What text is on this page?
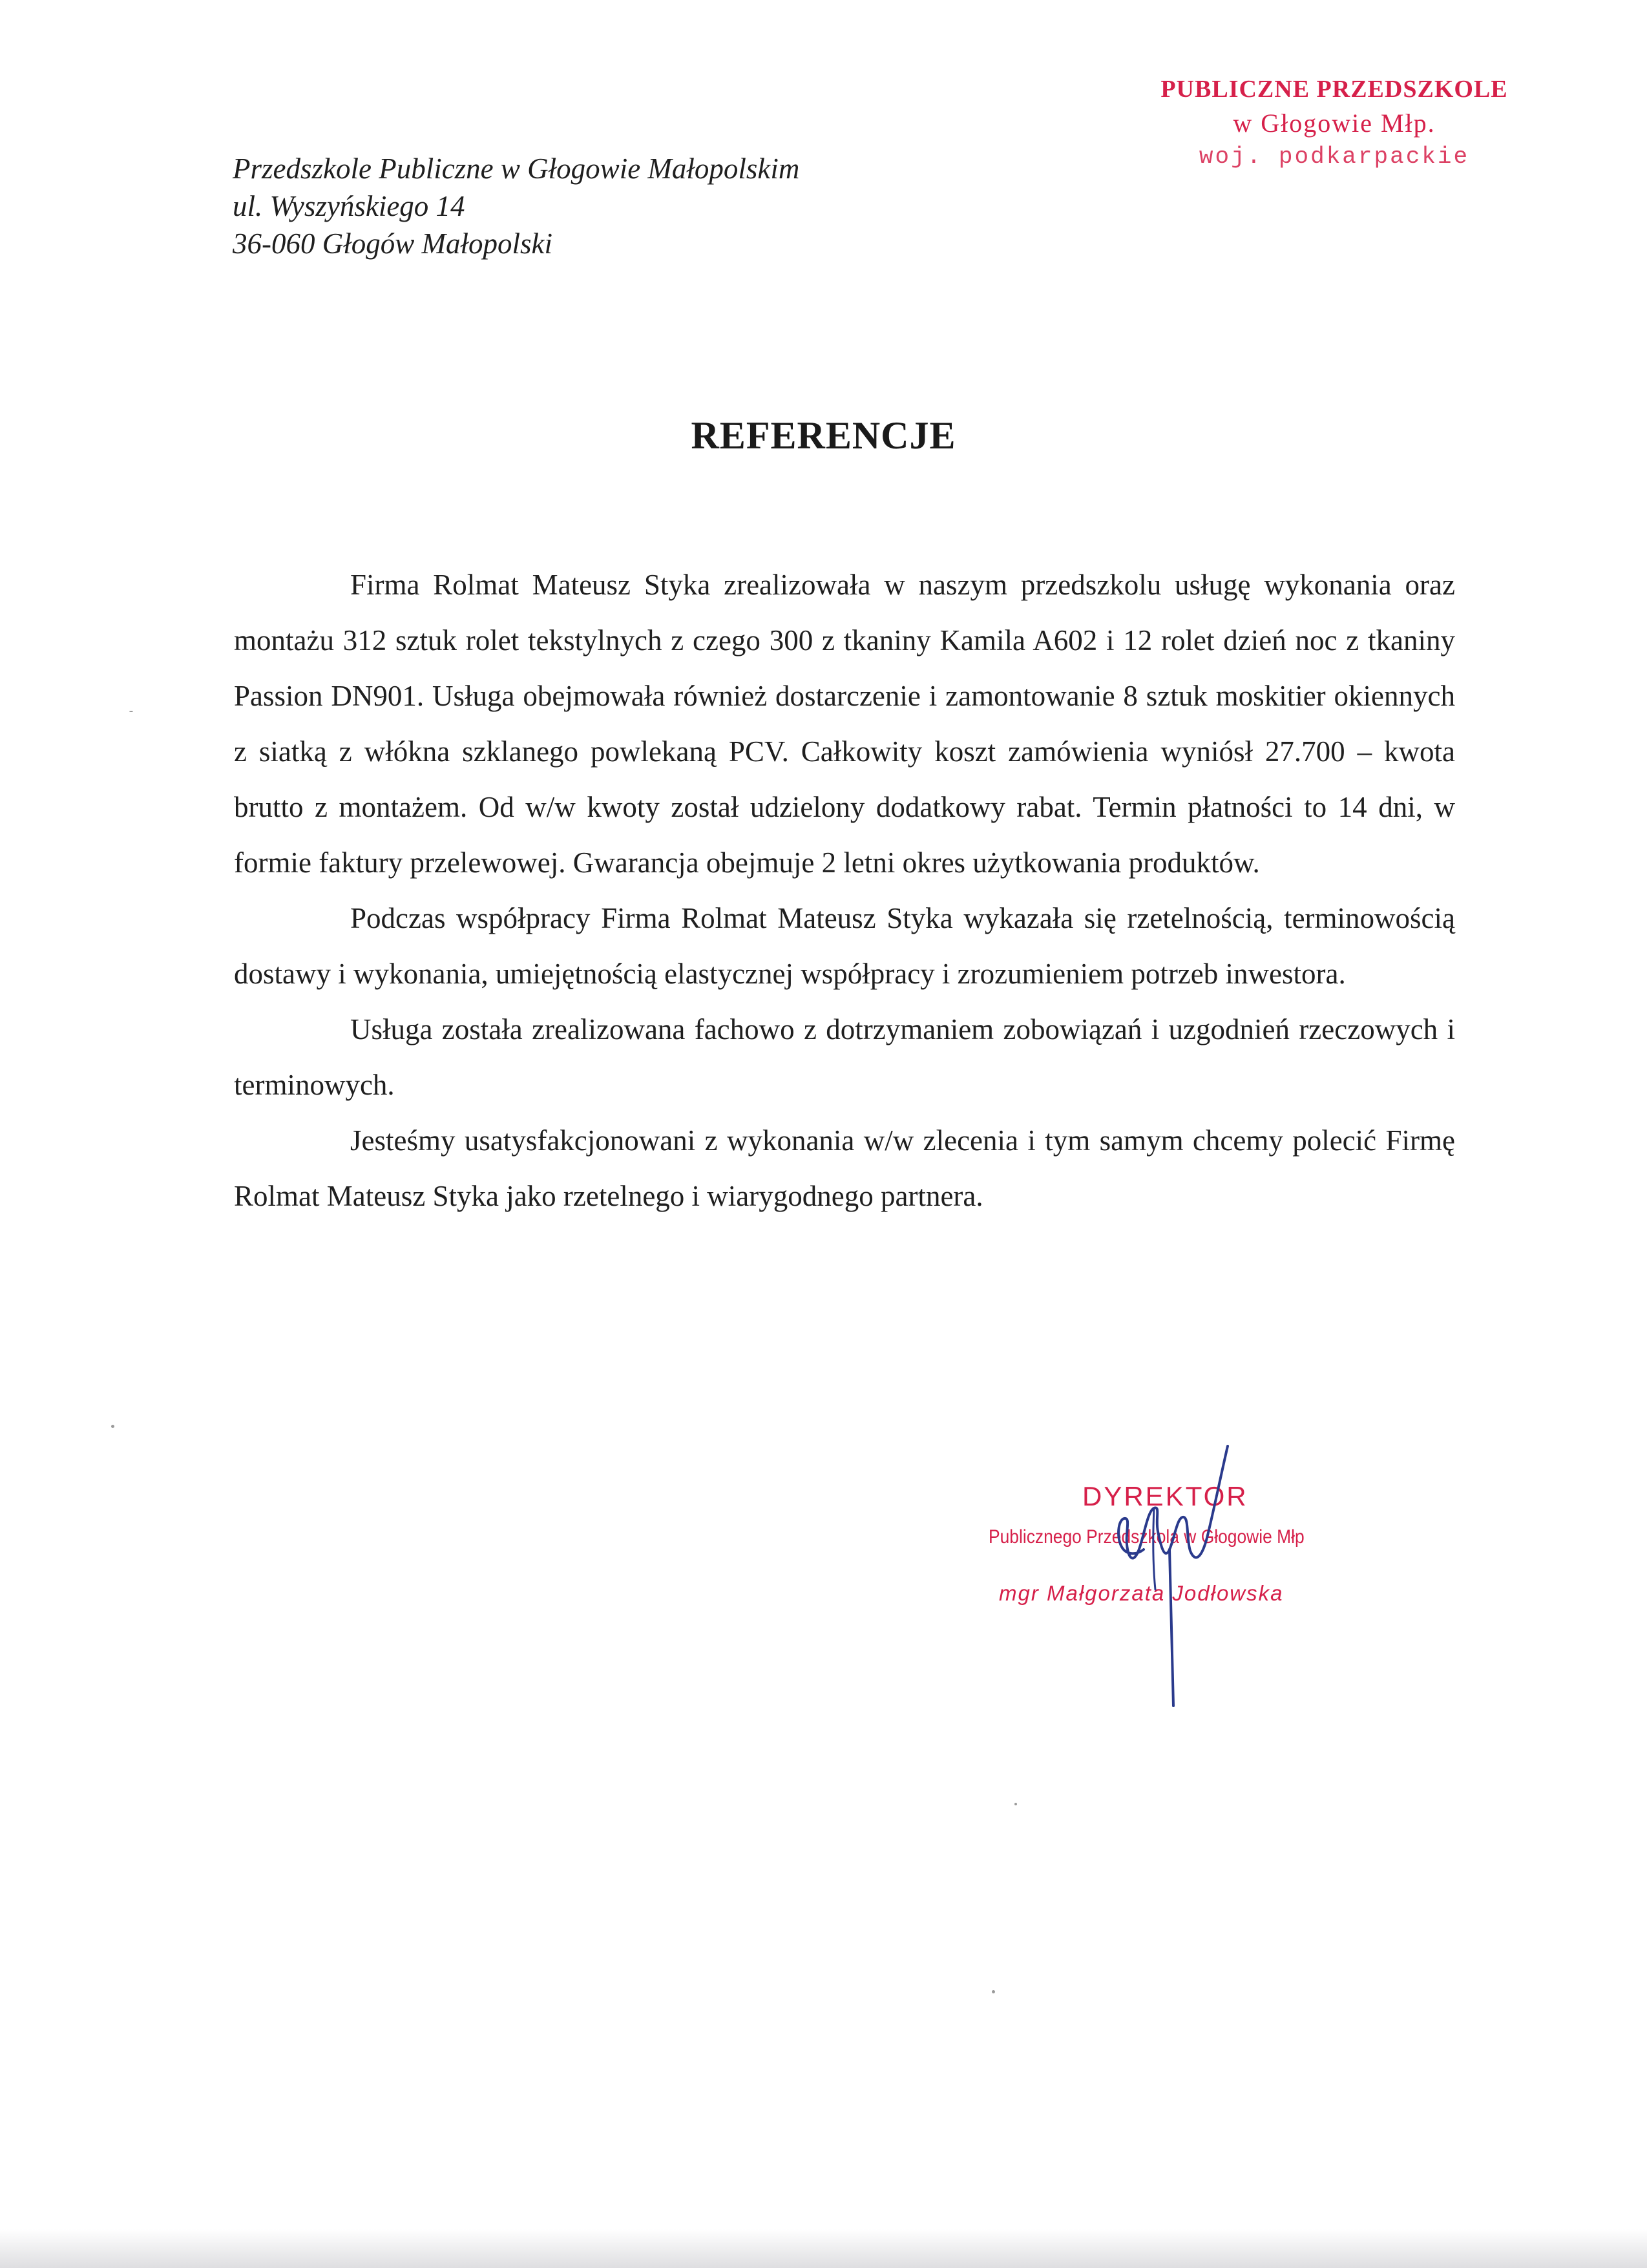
PUBLICZNE PRZEDSZKOLE
w Głogowie Młp.
woj. podkarpackie
Przedszkole Publiczne w Głogowie Małopolskim
ul. Wyszyńskiego 14
36-060 Głogów Małopolski
REFERENCJE

Firma Rolmat Mateusz Styka zrealizowała w naszym przedszkolu usługę wykonania oraz montażu 312 sztuk rolet tekstylnych z czego 300 z tkaniny Kamila A602 i 12 rolet dzień noc z tkaniny Passion DN901. Usługa obejmowała również dostarczenie i zamontowanie 8 sztuk moskitier okiennych z siatką z włókna szklanego powlekaną PCV. Całkowity koszt zamówienia wyniósł 27.700 – kwota brutto z montażem. Od w/w kwoty został udzielony dodatkowy rabat. Termin płatności to 14 dni, w formie faktury przelewowej. Gwarancja obejmuje 2 letni okres użytkowania produktów.

Podczas współpracy Firma Rolmat Mateusz Styka wykazała się rzetelnością, terminowością dostawy i wykonania, umiejętnością elastycznej współpracy i zrozumieniem potrzeb inwestora.

Usługa została zrealizowana fachowo z dotrzymaniem zobowiązań i uzgodnień rzeczowych i terminowych.

Jesteśmy usatysfakcjonowani z wykonania w/w zlecenia i tym samym chcemy polecić Firmę Rolmat Mateusz Styka jako rzetelnego i wiarygodnego partnera.

DYREKTOR
Publicznego Przedszkola w Głogowie Młp
mgr Małgorzata Jodłowska
